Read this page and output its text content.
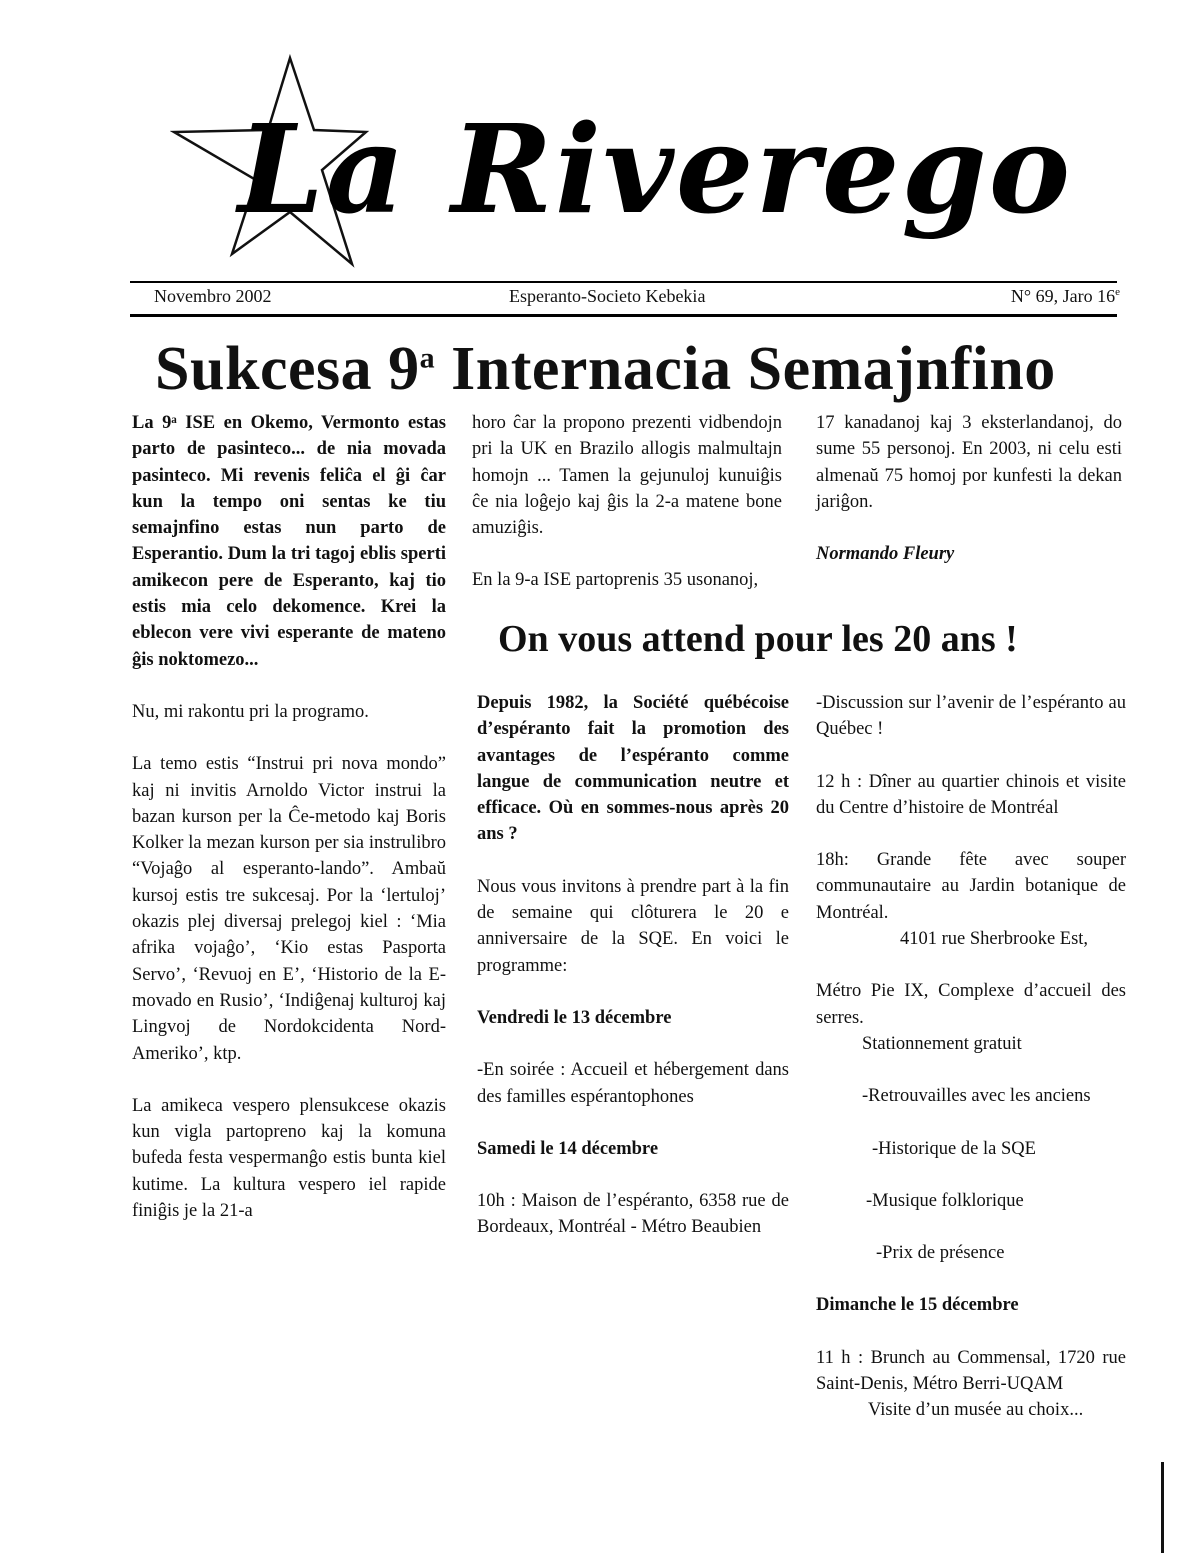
La Riverego
Novembro 2002	Esperanto-Societo Kebekia	N° 69, Jaro 16e
Sukcesa 9$^a$ Internacia Semajnfino

La 9ᵃ ISE en Okemo, Vermonto estas parto de pasinteco... de nia movada pasinteco. Mi revenis feliĉa el ĝi ĉar kun la tempo oni sentas ke tiu semajnfino estas nun parto de Esperantio. Dum la tri tagoj eblis sperti amikecon pere de Esperanto, kaj tio estis mia celo dekomence. Krei la eblecon vere vivi esperante de mateno ĝis noktomezo...

Nu, mi rakontu pri la programo.

La temo estis “Instrui pri nova mondo” kaj ni invitis Arnoldo Victor instrui la bazan kurson per la Ĉe-metodo kaj Boris Kolker la mezan kurson per sia instrulibro “Vojaĝo al esperanto-lando”. Ambaŭ kursoj estis tre sukcesaj. Por la ‘lertuloj’ okazis plej diversaj prelegoj kiel : ‘Mia afrika vojaĝo’, ‘Kio estas Pasporta Servo’, ‘Revuoj en E’, ‘Historio de la E-movado en Rusio’, ‘Indiĝenaj kulturoj kaj Lingvoj de Nordokcidenta Nord-Ameriko’, ktp.

La amikeca vespero plensukcese okazis kun vigla partopreno kaj la komuna bufeda festa vespermanĝo estis bunta kiel kutime. La kultura vespero iel rapide finiĝis je la 21-a

horo ĉar la propono prezenti vidbendojn pri la UK en Brazilo allogis malmultajn homojn ... Tamen la gejunuloj kunuiĝis ĉe nia loĝejo kaj ĝis la 2-a matene bone amuziĝis.

En la 9-a ISE partoprenis 35 usonanoj,

17 kanadanoj kaj 3 eksterlandanoj, do sume 55 personoj. En 2003, ni celu esti almenaŭ 75 homoj por kunfesti la dekan jariĝon.

Normando Fleury

On vous attend pour les 20 ans !

Depuis 1982, la Société québécoise d’espéranto fait la promotion des avantages de l’espéranto comme langue de communication neutre et efficace. Où en sommes-nous après 20 ans ?

Nous vous invitons à prendre part à la fin de semaine qui clôturera le 20 e anniversaire de la SQE. En voici le programme:

Vendredi le 13 décembre

-En soirée : Accueil et hébergement dans des familles espérantophones

Samedi le 14 décembre

10h : Maison de l’espéranto, 6358 rue de Bordeaux, Montréal - Métro Beaubien

-Discussion sur l’avenir de l’espéranto au Québec !

12 h : Dîner au quartier chinois et visite du Centre d’histoire de Montréal

18h: Grande fête avec souper communautaire au Jardin botanique de Montréal.

4101 rue Sherbrooke Est,

Métro Pie IX, Complexe d’accueil des serres.

Stationnement gratuit

-Retrouvailles avec les anciens

-Historique de la SQE

-Musique folklorique

-Prix de présence

Dimanche le 15 décembre

11 h : Brunch au Commensal, 1720 rue Saint-Denis, Métro Berri-UQAM

Visite d’un musée au choix...
